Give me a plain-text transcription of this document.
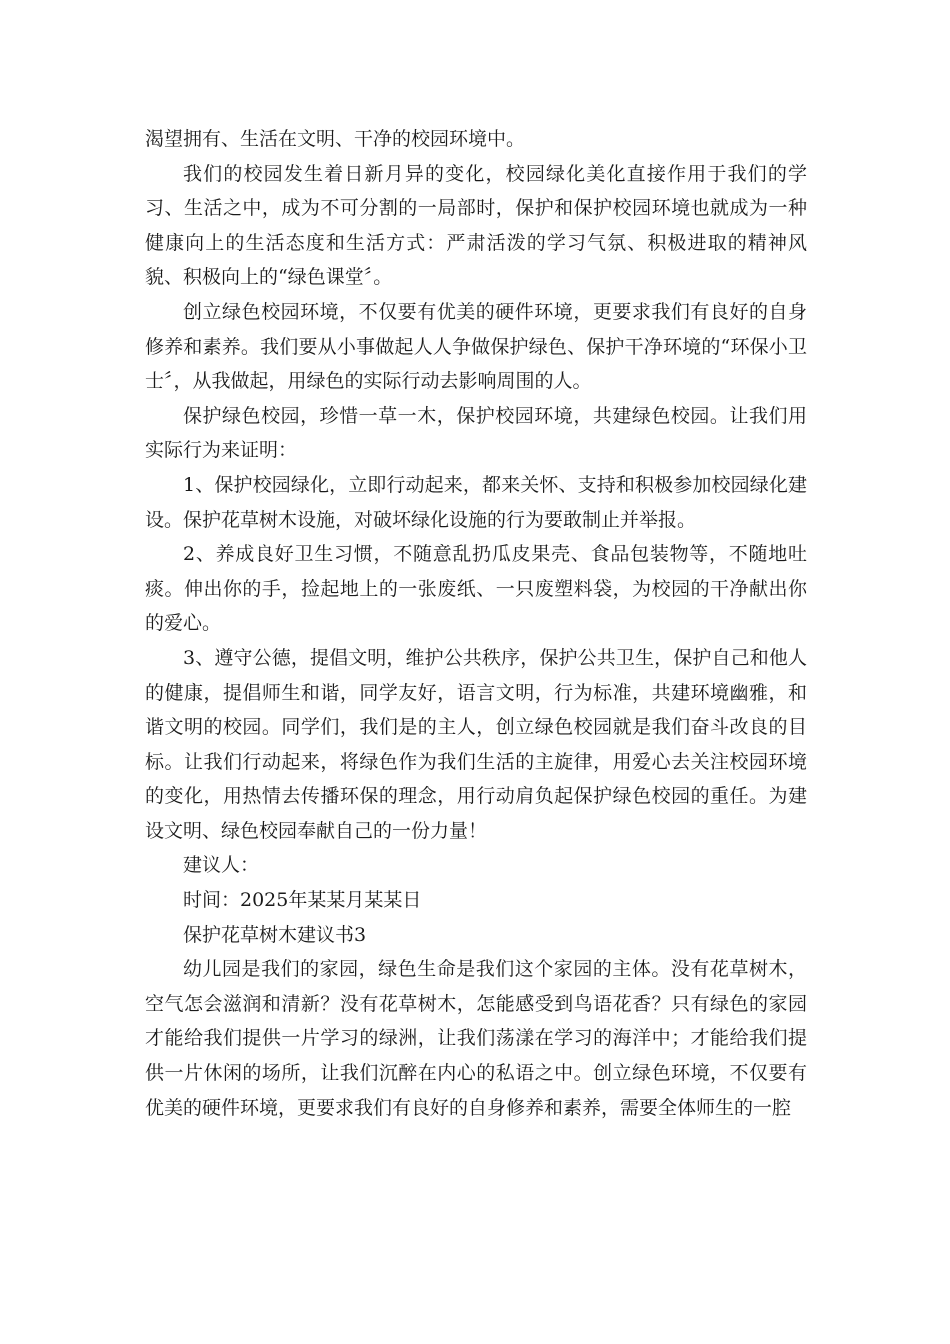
渴望拥有、生活在文明、干净的校园环境中。

我们的校园发生着日新月异的变化，校园绿化美化直接作用于我们的学习、生活之中，成为不可分割的一局部时，保护和保护校园环境也就成为一种健康向上的生活态度和生活方式：严肃活泼的学习气氛、积极进取的精神风貌、积极向上的“绿色课堂〞。

创立绿色校园环境，不仅要有优美的硬件环境，更要求我们有良好的自身修养和素养。我们要从小事做起人人争做保护绿色、保护干净环境的“环保小卫士〞，从我做起，用绿色的实际行动去影响周围的人。

保护绿色校园，珍惜一草一木，保护校园环境，共建绿色校园。让我们用实际行为来证明：

1、保护校园绿化，立即行动起来，都来关怀、支持和积极参加校园绿化建设。保护花草树木设施，对破坏绿化设施的行为要敢制止并举报。

2、养成良好卫生习惯，不随意乱扔瓜皮果壳、食品包装物等，不随地吐痰。伸出你的手，捡起地上的一张废纸、一只废塑料袋，为校园的干净献出你的爱心。

3、遵守公德，提倡文明，维护公共秩序，保护公共卫生，保护自己和他人的健康，提倡师生和谐，同学友好，语言文明，行为标准，共建环境幽雅，和谐文明的校园。同学们，我们是的主人，创立绿色校园就是我们奋斗改良的目标。让我们行动起来，将绿色作为我们生活的主旋律，用爱心去关注校园环境的变化，用热情去传播环保的理念，用行动肩负起保护绿色校园的重任。为建设文明、绿色校园奉献自己的一份力量！

建议人：

时间：2025年某某月某某日

保护花草树木建议书3

幼儿园是我们的家园，绿色生命是我们这个家园的主体。没有花草树木，空气怎会滋润和清新？没有花草树木，怎能感受到鸟语花香？只有绿色的家园才能给我们提供一片学习的绿洲，让我们荡漾在学习的海洋中；才能给我们提供一片休闲的场所，让我们沉醉在内心的私语之中。创立绿色环境，不仅要有优美的硬件环境，更要求我们有良好的自身修养和素养，需要全体师生的一腔
